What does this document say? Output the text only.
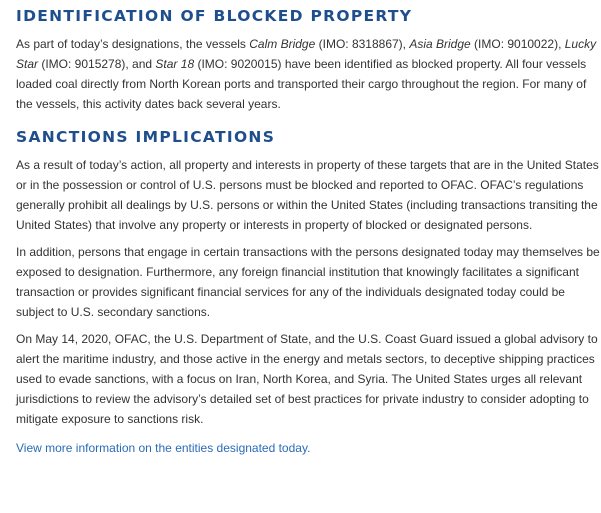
IDENTIFICATION OF BLOCKED PROPERTY

As part of today’s designations, the vessels Calm Bridge (IMO: 8318867), Asia Bridge (IMO: 9010022), Lucky Star (IMO: 9015278), and Star 18 (IMO: 9020015) have been identified as blocked property. All four vessels loaded coal directly from North Korean ports and transported their cargo throughout the region. For many of the vessels, this activity dates back several years.

SANCTIONS IMPLICATIONS

As a result of today’s action, all property and interests in property of these targets that are in the United States or in the possession or control of U.S. persons must be blocked and reported to OFAC. OFAC’s regulations generally prohibit all dealings by U.S. persons or within the United States (including transactions transiting the United States) that involve any property or interests in property of blocked or designated persons.

In addition, persons that engage in certain transactions with the persons designated today may themselves be exposed to designation. Furthermore, any foreign financial institution that knowingly facilitates a significant transaction or provides significant financial services for any of the individuals designated today could be subject to U.S. secondary sanctions.

On May 14, 2020, OFAC, the U.S. Department of State, and the U.S. Coast Guard issued a global advisory to alert the maritime industry, and those active in the energy and metals sectors, to deceptive shipping practices used to evade sanctions, with a focus on Iran, North Korea, and Syria. The United States urges all relevant jurisdictions to review the advisory’s detailed set of best practices for private industry to consider adopting to mitigate exposure to sanctions risk.

View more information on the entities designated today.
